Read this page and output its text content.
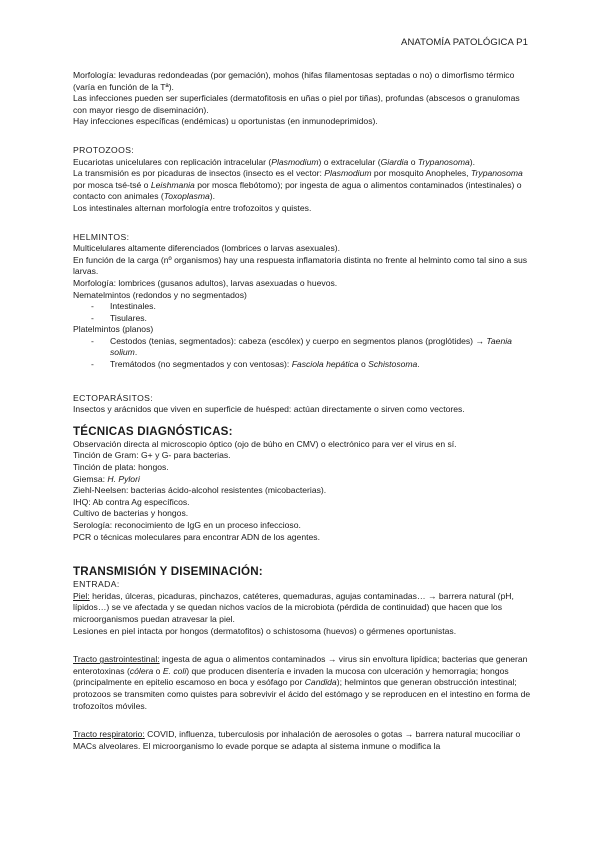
ANATOMÍA PATOLÓGICA P1

Morfología: levaduras redondeadas (por gemación), mohos (hifas filamentosas septadas o no) o dimorfismo térmico (varía en función de la Tª).

Las infecciones pueden ser superficiales (dermatofitosis en uñas o piel por tiñas), profundas (abscesos o granulomas con mayor riesgo de diseminación).

Hay infecciones específicas (endémicas) u oportunistas (en inmunodeprimidos).

PROTOZOOS:

Eucariotas unicelulares con replicación intracelular (Plasmodium) o extracelular (Giardia o Trypanosoma).

La transmisión es por picaduras de insectos (insecto es el vector: Plasmodium por mosquito Anopheles, Trypanosoma por mosca tsé-tsé o Leishmania por mosca flebótomo); por ingesta de agua o alimentos contaminados (intestinales) o contacto con animales (Toxoplasma).

Los intestinales alternan morfología entre trofozoitos y quistes.

HELMINTOS:

Multicelulares altamente diferenciados (lombrices o larvas asexuales).

En función de la carga (nº organismos) hay una respuesta inflamatoria distinta no frente al helminto como tal sino a sus larvas.

Morfología: lombrices (gusanos adultos), larvas asexuadas o huevos.

Nematelmintos (redondos y no segmentados)

- Intestinales.
- Tisulares.

Platelmintos (planos)

- Cestodos (tenias, segmentados): cabeza (escólex) y cuerpo en segmentos planos (proglótides) → Taenia solium.
- Tremátodos (no segmentados y con ventosas): Fasciola hepática o Schistosoma.

ECTOPARÁSITOS:

Insectos y arácnidos que viven en superficie de huésped: actúan directamente o sirven como vectores.

TÉCNICAS DIAGNÓSTICAS:

Observación directa al microscopio óptico (ojo de búho en CMV) o electrónico para ver el virus en sí.

Tinción de Gram: G+ y G- para bacterias.

Tinción de plata: hongos.

Giemsa: H. Pylori

Ziehl-Neelsen: bacterias ácido-alcohol resistentes (micobacterias).

IHQ: Ab contra Ag específicos.

Cultivo de bacterias y hongos.

Serología: reconocimiento de IgG en un proceso infeccioso.

PCR o técnicas moleculares para encontrar ADN de los agentes.

TRANSMISIÓN Y DISEMINACIÓN:

ENTRADA:

Piel: heridas, úlceras, picaduras, pinchazos, catéteres, quemaduras, agujas contaminadas… → barrera natural (pH, lípidos…) se ve afectada y se quedan nichos vacíos de la microbiota (pérdida de continuidad) que hacen que los microorganismos puedan atravesar la piel.

Lesiones en piel intacta por hongos (dermatofitos) o schistosoma (huevos) o gérmenes oportunistas.

Tracto gastrointestinal: ingesta de agua o alimentos contaminados → virus sin envoltura lipídica; bacterias que generan enterotoxinas (cólera o E. coli) que producen disentería e invaden la mucosa con ulceración y hemorragia; hongos (principalmente en epitelio escamoso en boca y esófago por Candida); helmintos que generan obstrucción intestinal; protozoos se transmiten como quistes para sobrevivir el ácido del estómago y se reproducen en el intestino en forma de trofozoítos móviles.

Tracto respiratorio: COVID, influenza, tuberculosis por inhalación de aerosoles o gotas → barrera natural mucociliar o MACs alveolares. El microorganismo lo evade porque se adapta al sistema inmune o modifica la
